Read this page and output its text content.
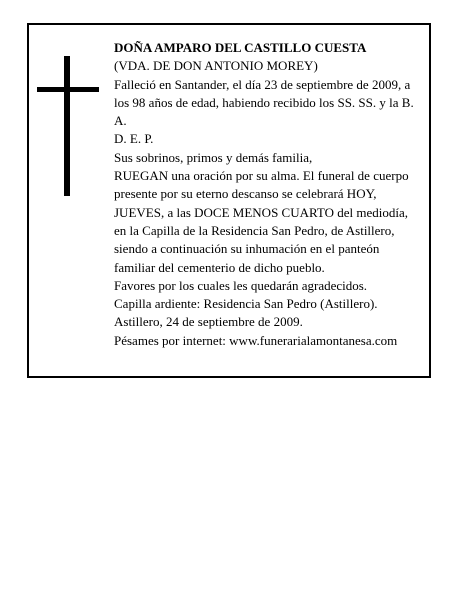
DOÑA AMPARO DEL CASTILLO CUESTA
(VDA. DE DON ANTONIO MOREY)
Falleció en Santander, el día 23 de septiembre de 2009, a los 98 años de edad, habiendo recibido los SS. SS. y la B. A.
D. E. P.
Sus sobrinos, primos y demás familia,
RUEGAN una oración por su alma. El funeral de cuerpo presente por su eterno descanso se celebrará HOY, JUEVES, a las DOCE MENOS CUARTO del mediodía, en la Capilla de la Residencia San Pedro, de Astillero, siendo a continuación su inhumación en el panteón familiar del cementerio de dicho pueblo.
Favores por los cuales les quedarán agradecidos.
Capilla ardiente: Residencia San Pedro (Astillero).
Astillero, 24 de septiembre de 2009.
Pésames por internet: www.funerarialamontanesa.com
